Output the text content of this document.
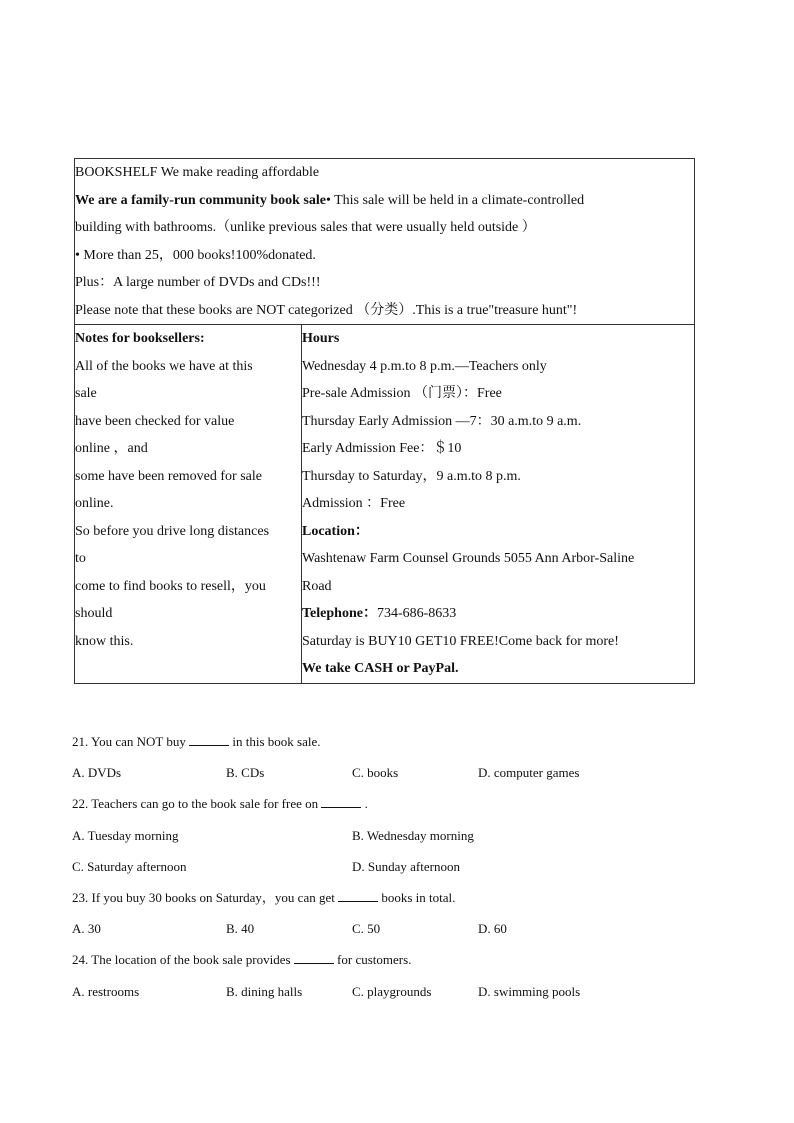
BOOKSHELF We make reading affordable
We are a family-run community book sale• This sale will be held in a climate-controlled
building with bathrooms.（unlike previous sales that were usually held outside ）
• More than 25，000 books!100%donated.
Plus：A large number of DVDs and CDs!!!
Please note that these books are NOT categorized （分类）.This is a true"treasure hunt"!

Notes for booksellers:
All of the books we have at this
sale
have been checked for value
online ，and
some have been removed for sale
online.
So before you drive long distances
to
come to find books to resell，you
should
know this.

Hours
Wednesday 4 p.m.to 8 p.m.—Teachers only
Pre-sale Admission （门票）：Free
Thursday Early Admission —7：30 a.m.to 9 a.m.
Early Admission Fee：＄10
Thursday to Saturday，9 a.m.to 8 p.m.
Admission ：Free
Location：
Washtenaw Farm Counsel Grounds 5055 Ann Arbor-Saline
Road
Telephone：734-686-8633
Saturday is BUY10 GET10 FREE!Come back for more!
We take CASH or PayPal.
21. You can NOT buy	in this book sale.
A. DVDs	B. CDs	C. books	D. computer games
22. Teachers can go to the book sale for free on	.
A. Tuesday morning	B. Wednesday morning
C. Saturday afternoon	D. Sunday afternoon
23. If you buy 30 books on Saturday，you can get	books in total.
A. 30	B. 40	C. 50	D. 60
24. The location of the book sale provides	for customers.
A. restrooms	B. dining halls	C. playgrounds	D. swimming pools
